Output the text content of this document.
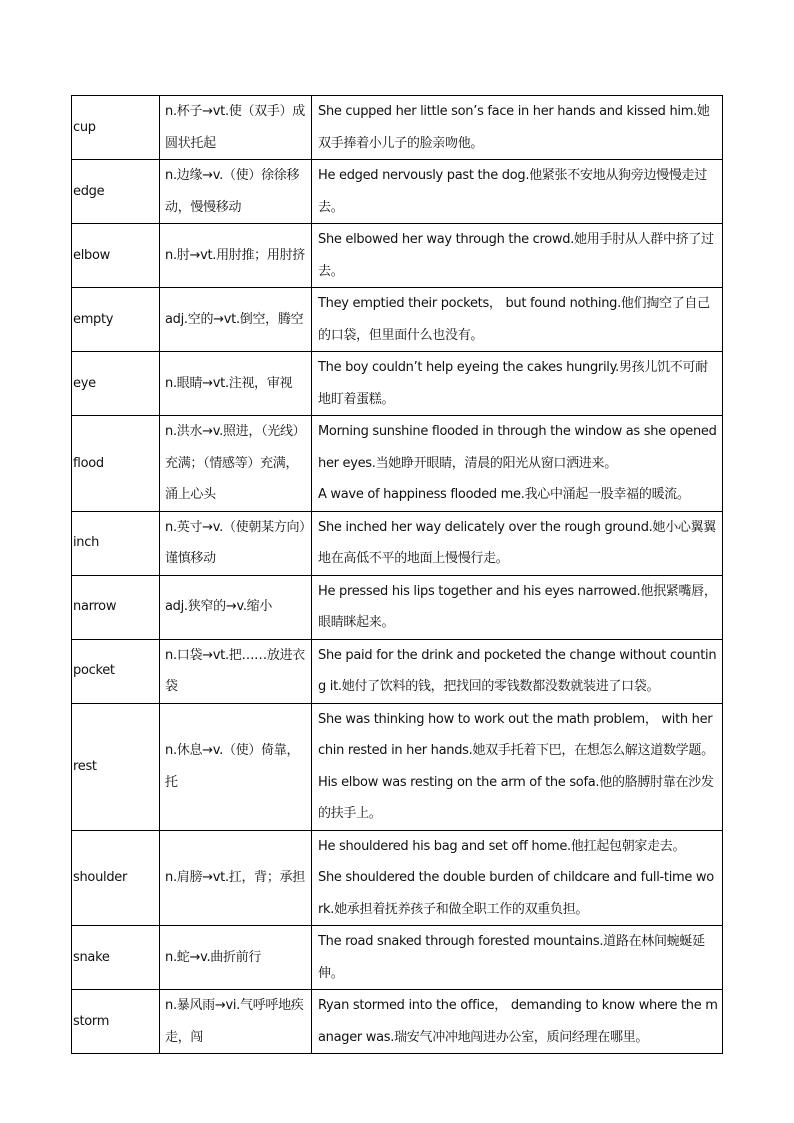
cup	n.杯子→vt.使（双手）成圆状托起	She cupped her little son’s face in her hands and kissed him.她双手捧着小儿子的脸亲吻他。

edge	n.边缘→v.（使）徐徐移动，慢慢移动	He edged nervously past the dog.他紧张不安地从狗旁边慢慢走过去。

elbow	n.肘→vt.用肘推；用肘挤	She elbowed her way through the crowd.她用手肘从人群中挤了过去。

empty	adj.空的→vt.倒空，腾空	They emptied their pockets， but found nothing.他们掏空了自己的口袋，但里面什么也没有。

eye	n.眼睛→vt.注视，审视	The boy couldn’t help eyeing the cakes hungrily.男孩儿饥不可耐地盯着蛋糕。

flood	n.洪水→v.照进，（光线）充满；（情感等）充满，涌上心头	Morning sunshine flooded in through the window as she opened her eyes.当她睁开眼睛，清晨的阳光从窗口洒进来。

A wave of happiness flooded me.我心中涌起一股幸福的暖流。

inch	n.英寸→v.（使朝某方向）谨慎移动	She inched her way delicately over the rough ground.她小心翼翼地在高低不平的地面上慢慢行走。

narrow	adj.狭窄的→v.缩小	He pressed his lips together and his eyes narrowed.他抿紧嘴唇，眼睛眯起来。

pocket	n.口袋→vt.把……放进衣袋	She paid for the drink and pocketed the change without counting it.她付了饮料的钱，把找回的零钱数都没数就装进了口袋。

rest	n.休息→v.（使）倚靠，托	She was thinking how to work out the math problem， with her chin rested in her hands.她双手托着下巴，在想怎么解这道数学题。

His elbow was resting on the arm of the sofa.他的胳膊肘靠在沙发的扶手上。

shoulder	n.肩膀→vt.扛，背；承担	He shouldered his bag and set off home.他扛起包朝家走去。

She shouldered the double burden of childcare and full-time work.她承担着抚养孩子和做全职工作的双重负担。

snake	n.蛇→v.曲折前行	The road snaked through forested mountains.道路在林间蜿蜒延伸。

storm	n.暴风雨→vi.气呼呼地疾走，闯	Ryan stormed into the office， demanding to know where the manager was.瑞安气冲冲地闯进办公室，质问经理在哪里。
